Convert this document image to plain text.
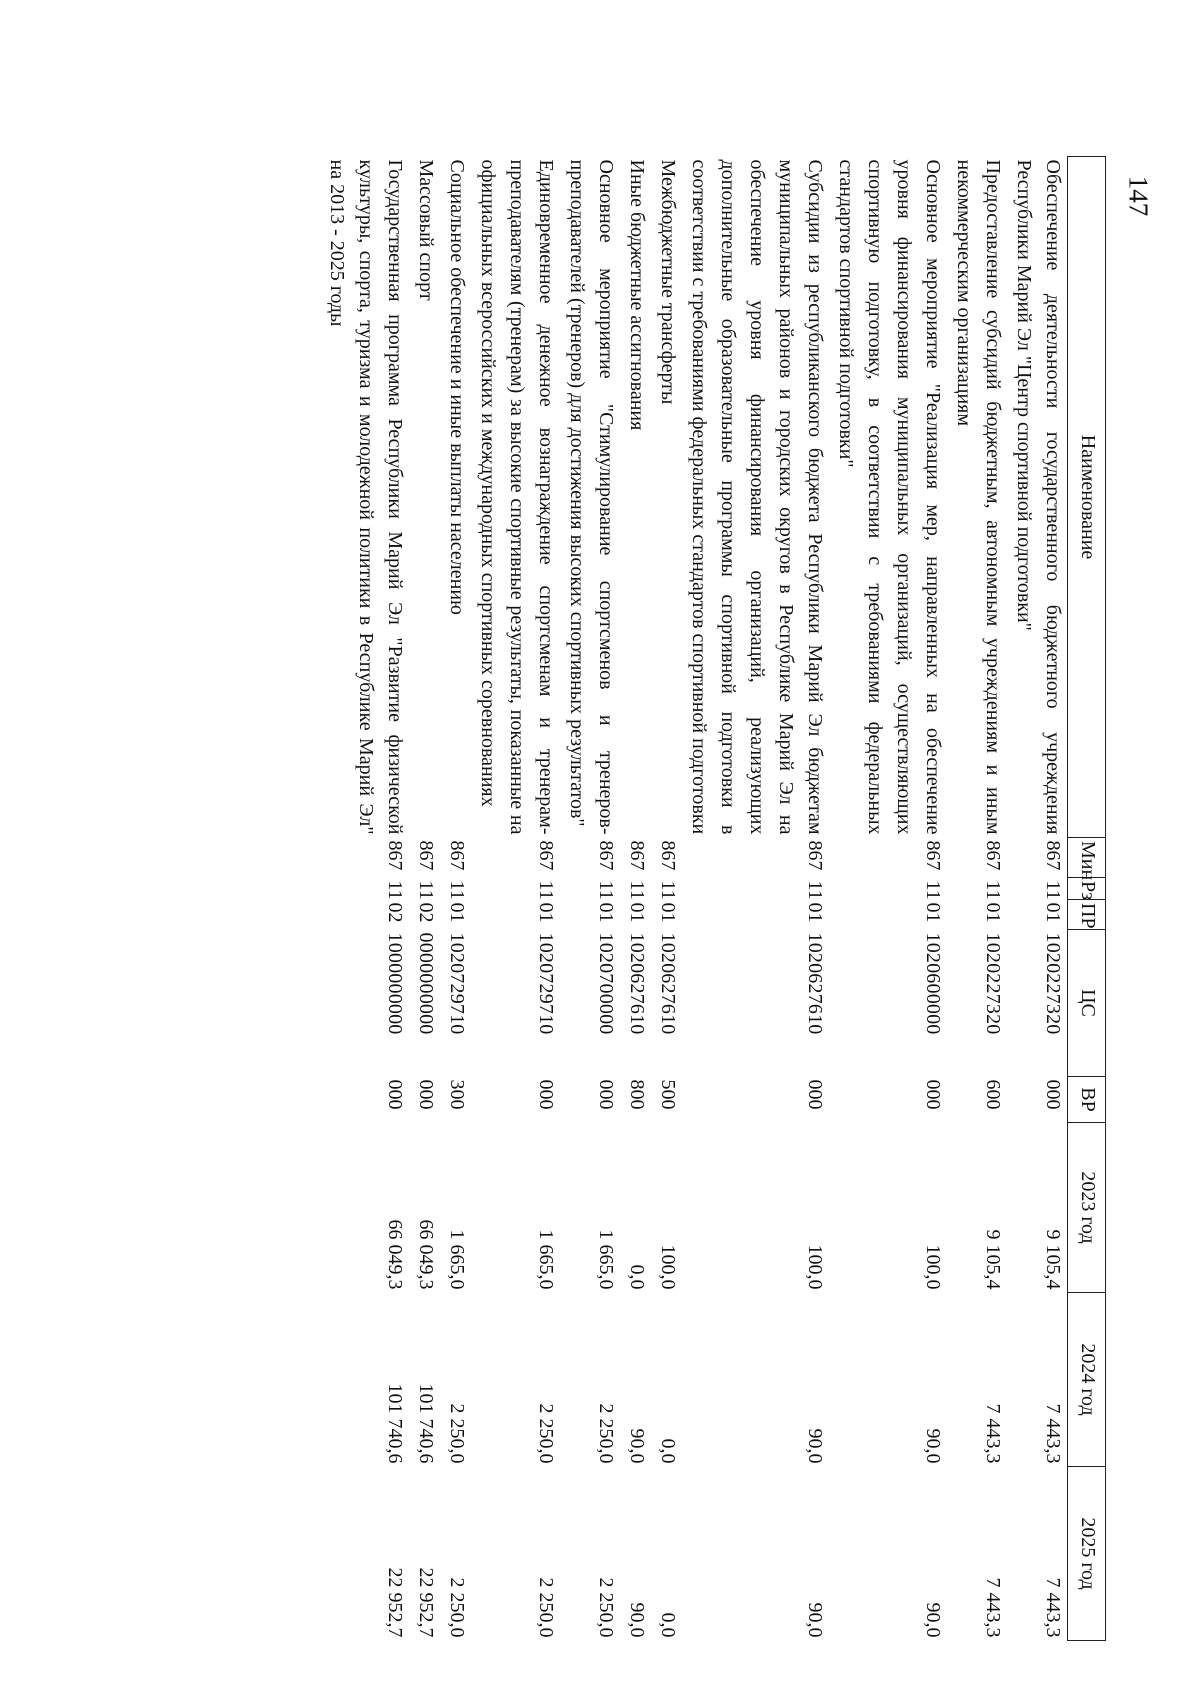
147
Наименование	Мин	Рз	ПР	ЦС	ВР	2023 год	2024 год	2025 год
Обеспечение деятельности государственного бюджетного учреждения Республики Марий Эл "Центр спортивной подготовки"	867	11	01	1020227320	000	9 105,4	7 443,3	7 443,3
Предоставление субсидий бюджетным, автономным учреждениям и иным некоммерческим организациям	867	11	01	1020227320	600	9 105,4	7 443,3	7 443,3
Основное мероприятие "Реализация мер, направленных на обеспечение уровня финансирования муниципальных организаций, осуществляющих спортивную подготовку, в соответствии с требованиями федеральных стандартов спортивной подготовки"	867	11	01	1020600000	000	100,0	90,0	90,0
Субсидии из республиканского бюджета Республики Марий Эл бюджетам муниципальных районов и городских округов в Республике Марий Эл на обеспечение уровня финансирования организаций, реализующих дополнительные образовательные программы спортивной подготовки в соответствии с требованиями федеральных стандартов спортивной подготовки	867	11	01	1020627610	000	100,0	90,0	90,0
Межбюджетные трансферты	867	11	01	1020627610	500	100,0	0,0	0,0
Иные бюджетные ассигнования	867	11	01	1020627610	800	0,0	90,0	90,0
Основное мероприятие "Стимулирование спортсменов и тренеров-преподавателей (тренеров) для достижения высоких спортивных результатов"	867	11	01	1020700000	000	1 665,0	2 250,0	2 250,0
Единовременное денежное вознаграждение спортсменам и тренерам-преподавателям (тренерам) за высокие спортивные результаты, показанные на официальных всероссийских и международных спортивных соревнованиях	867	11	01	1020729710	000	1 665,0	2 250,0	2 250,0
Социальное обеспечение и иные выплаты населению	867	11	01	1020729710	300	1 665,0	2 250,0	2 250,0
Массовый спорт	867	11	02	0000000000	000	66 049,3	101 740,6	22 952,7
Государственная программа Республики Марий Эл "Развитие физической культуры, спорта, туризма и молодежной политики в Республике Марий Эл" на 2013 - 2025 годы	867	11	02	1000000000	000	66 049,3	101 740,6	22 952,7
